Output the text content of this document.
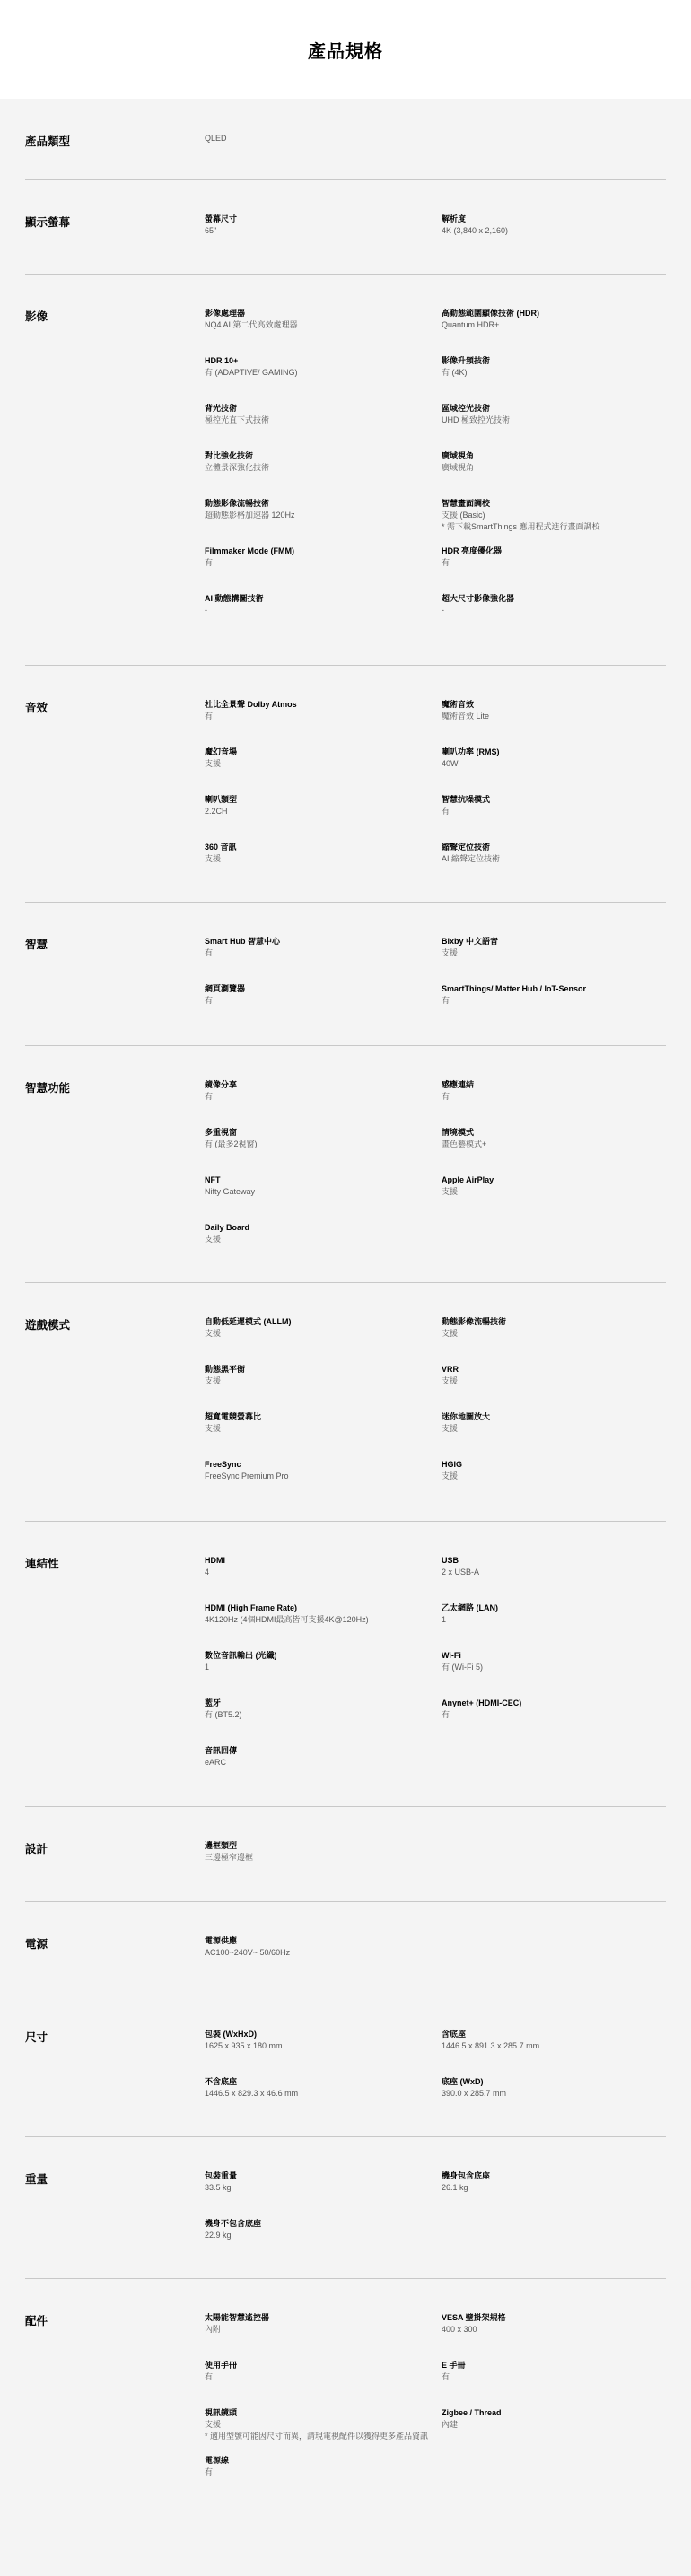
產品規格
產品類型	QLED
顯示螢幕	螢幕尺寸
65"
解析度
4K (3,840 x 2,160)
影像	影像處理器
NQ4 AI 第二代高效處理器
高動態範圍顯像技術 (HDR)
Quantum HDR+
HDR 10+
有 (ADAPTIVE/ GAMING)
影像升頻技術
有 (4K)
背光技術
極控光直下式技術
區域控光技術
UHD 極致控光技術
對比強化技術
立體景深強化技術
廣域視角
廣域視角
動態影像流暢技術
超動態影格加速器 120Hz
智慧畫面調校
支援 (Basic)
* 需下載SmartThings 應用程式進行畫面調校
Filmmaker Mode (FMM)
有
HDR 亮度優化器
有
AI 動態構圖技術
-
超大尺寸影像強化器
-
音效	杜比全景聲 Dolby Atmos
有
魔術音效
魔術音效 Lite
魔幻音場
支援
喇叭功率 (RMS)
40W
喇叭類型
2.2CH
智慧抗噪模式
有
360 音訊
支援
縮聲定位技術
AI 縮聲定位技術
智慧	Smart Hub 智慧中心
有
Bixby 中文語音
支援
網頁瀏覽器
有
SmartThings/ Matter Hub / IoT-Sensor
有
智慧功能	鏡像分享
有
感應連結
有
多重視窗
有 (最多2視窗)
情境模式
畫色藝模式+
NFT
Nifty Gateway
Apple AirPlay
支援
Daily Board
支援
遊戲模式	自動低延遲模式 (ALLM)
支援
動態影像流暢技術
支援
動態黑平衡
支援
VRR
支援
超寬電競螢幕比
支援
迷你地圖放大
支援
FreeSync
FreeSync Premium Pro
HGIG
支援
連結性	HDMI
4
USB
2 x USB-A
HDMI (High Frame Rate)
4K120Hz (4個HDMI最高皆可支援4K@120Hz)
乙太網路 (LAN)
1
數位音訊輸出 (光纖)
1
Wi-Fi
有 (Wi-Fi 5)
藍牙
有 (BT5.2)
Anynet+ (HDMI-CEC)
有
音訊回傳
eARC
設計	邊框類型
三邊極窄邊框
電源	電源供應
AC100~240V~ 50/60Hz
尺寸	包裝 (WxHxD)
1625 x 935 x 180 mm
含底座
1446.5 x 891.3 x 285.7 mm
不含底座
1446.5 x 829.3 x 46.6 mm
底座 (WxD)
390.0 x 285.7 mm
重量	包裝重量
33.5 kg
機身包含底座
26.1 kg
機身不包含底座
22.9 kg
配件	太陽能智慧遙控器
內附
VESA 壁掛架規格
400 x 300
使用手冊
有
E 手冊
有
視訊鏡頭
支援
* 適用型號可能因尺寸而異，請現電視配件以獲得更多產品資訊
Zigbee / Thread
內建
電源線
有
